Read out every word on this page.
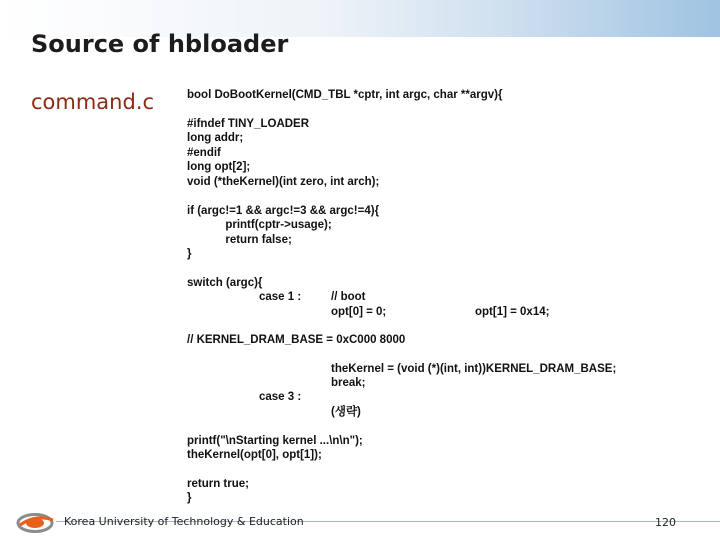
Source of hbloader
command.c	bool DoBootKernel(CMD_TBL *cptr, int argc, char **argv){
#ifndef TINY_LOADER
long addr;
#endif
long opt[2];
void (*theKernel)(int zero, int arch);
if (argc!=1 && argc!=3 && argc!=4){
printf(cptr->usage);
return false;
}
switch (argc){
case 1 :	// boot
opt[0] = 0;	opt[1] = 0x14;
// KERNEL_DRAM_BASE = 0xC000 8000
theKernel = (void (*)(int, int))KERNEL_DRAM_BASE;
break;
case 3 :
(생략)
printf("\nStarting kernel ...\n\n");
theKernel(opt[0], opt[1]);
return true;
}
Korea University of Technology & Education	120
